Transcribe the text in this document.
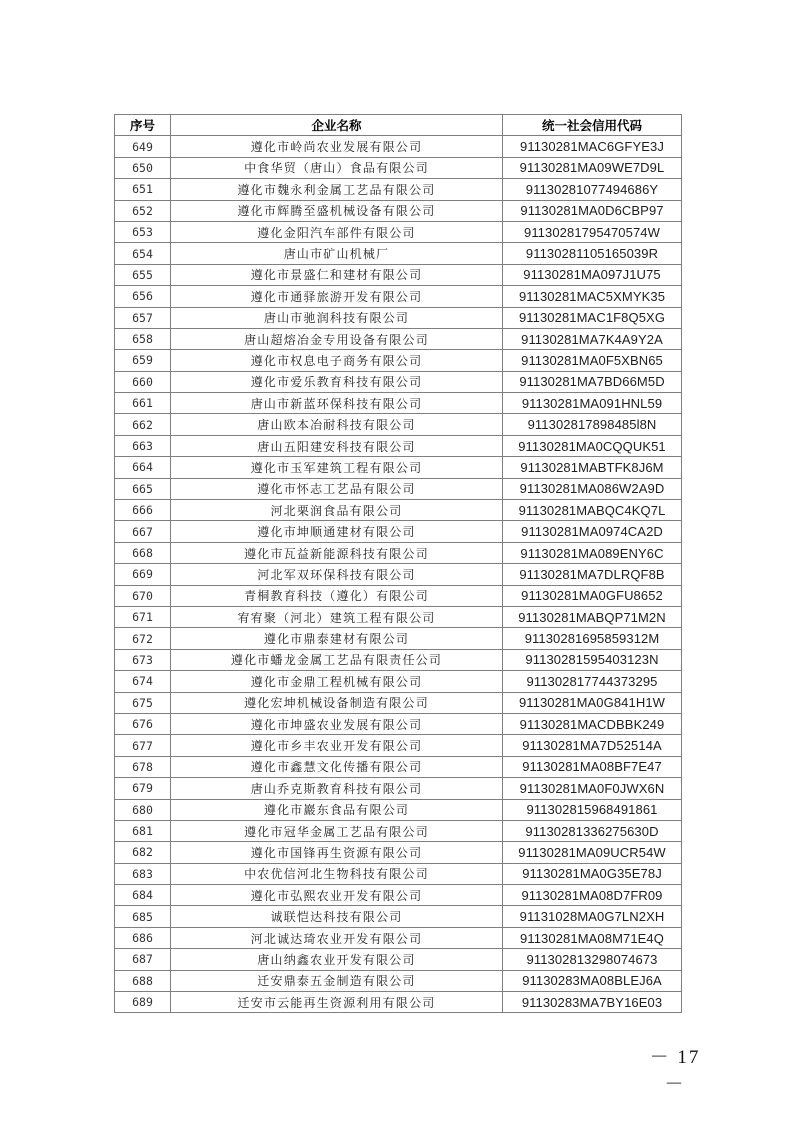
序号	企业名称	统一社会信用代码
649	遵化市岭尚农业发展有限公司	91130281MAC6GFYE3J
650	中食华贸（唐山）食品有限公司	91130281MA09WE7D9L
651	遵化市魏永利金属工艺品有限公司	91130281077494686Y
652	遵化市辉腾至盛机械设备有限公司	91130281MA0D6CBP97
653	遵化金阳汽车部件有限公司	91130281795470574W
654	唐山市矿山机械厂	91130281105165039R
655	遵化市景盛仁和建材有限公司	91130281MA097J1U75
656	遵化市通驿旅游开发有限公司	91130281MAC5XMYK35
657	唐山市驰润科技有限公司	91130281MAC1F8Q5XG
658	唐山超熔冶金专用设备有限公司	91130281MA7K4A9Y2A
659	遵化市权息电子商务有限公司	91130281MA0F5XBN65
660	遵化市爱乐教育科技有限公司	91130281MA7BD66M5D
661	唐山市新蓝环保科技有限公司	91130281MA091HNL59
662	唐山欧本冶耐科技有限公司	911302817898485l8N
663	唐山五阳建安科技有限公司	91130281MA0CQQUK51
664	遵化市玉军建筑工程有限公司	91130281MABTFK8J6M
665	遵化市怀志工艺品有限公司	91130281MA086W2A9D
666	河北栗润食品有限公司	91130281MABQC4KQ7L
667	遵化市坤顺通建材有限公司	91130281MA0974CA2D
668	遵化市瓦益新能源科技有限公司	91130281MA089ENY6C
669	河北军双环保科技有限公司	91130281MA7DLRQF8B
670	青桐教育科技（遵化）有限公司	91130281MA0GFU8652
671	宥宥聚（河北）建筑工程有限公司	91130281MABQP71M2N
672	遵化市鼎泰建材有限公司	91130281695859312M
673	遵化市蟠龙金属工艺品有限责任公司	91130281595403123N
674	遵化市金鼎工程机械有限公司	911302817744373295
675	遵化宏坤机械设备制造有限公司	91130281MA0G841H1W
676	遵化市坤盛农业发展有限公司	91130281MACDBBK249
677	遵化市乡丰农业开发有限公司	91130281MA7D52514A
678	遵化市鑫慧文化传播有限公司	91130281MA08BF7E47
679	唐山乔克斯教育科技有限公司	91130281MA0F0JWX6N
680	遵化市巖东食品有限公司	911302815968491861
681	遵化市冠华金属工艺品有限公司	91130281336275630D
682	遵化市国锋再生资源有限公司	91130281MA09UCR54W
683	中农优信河北生物科技有限公司	91130281MA0G35E78J
684	遵化市弘熙农业开发有限公司	91130281MA08D7FR09
685	诚联恺达科技有限公司	91131028MA0G7LN2XH
686	河北诚达琦农业开发有限公司	91130281MA08M71E4Q
687	唐山纳鑫农业开发有限公司	911302813298074673
688	迁安鼎泰五金制造有限公司	91130283MA08BLEJ6A
689	迁安市云能再生资源利用有限公司	91130283MA7BY16E03
－ 17 －
